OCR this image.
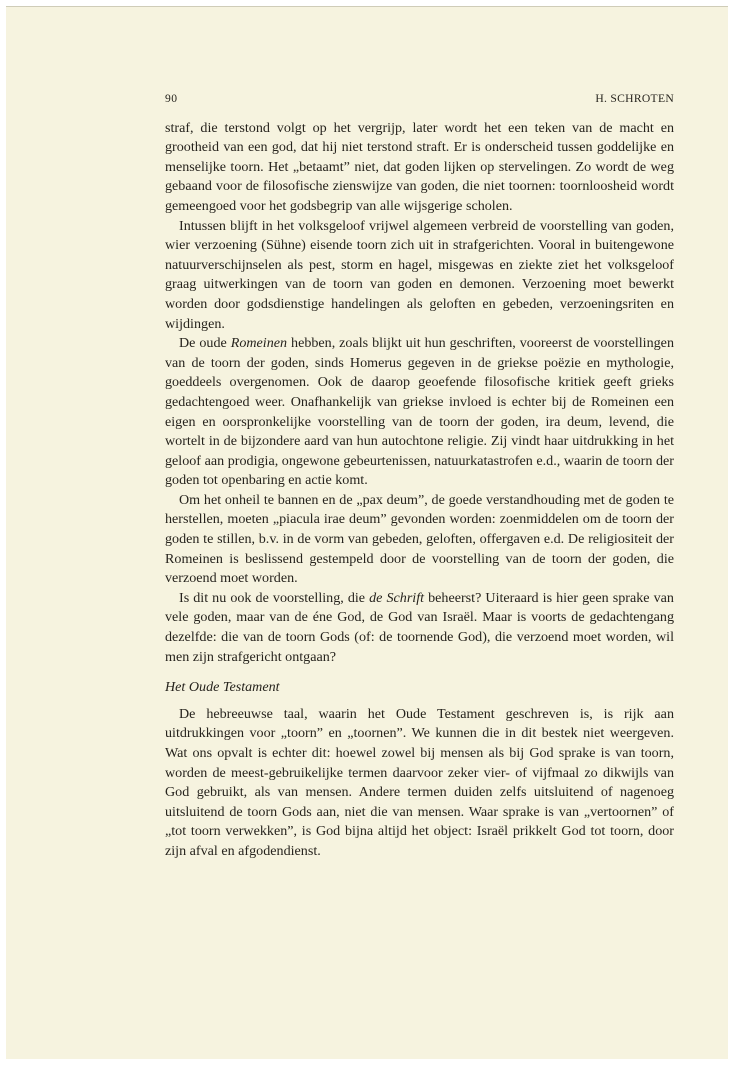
90	H. SCHROTEN

straf, die terstond volgt op het vergrijp, later wordt het een teken van de macht en grootheid van een god, dat hij niet terstond straft. Er is onderscheid tussen goddelijke en menselijke toorn. Het „betaamt” niet, dat goden lijken op stervelingen. Zo wordt de weg gebaand voor de filosofische zienswijze van goden, die niet toornen: toornloosheid wordt gemeengoed voor het godsbegrip van alle wijsgerige scholen.

Intussen blijft in het volksgeloof vrijwel algemeen verbreid de voorstelling van goden, wier verzoening (Sühne) eisende toorn zich uit in strafgerichten. Vooral in buitengewone natuurverschijnselen als pest, storm en hagel, misgewas en ziekte ziet het volksgeloof graag uitwerkingen van de toorn van goden en demonen. Verzoening moet bewerkt worden door godsdienstige handelingen als geloften en gebeden, verzoeningsriten en wijdingen.

De oude Romeinen hebben, zoals blijkt uit hun geschriften, vooreerst de voorstellingen van de toorn der goden, sinds Homerus gegeven in de griekse poëzie en mythologie, goeddeels overgenomen. Ook de daarop geoefende filosofische kritiek geeft grieks gedachtengoed weer. Onafhankelijk van griekse invloed is echter bij de Romeinen een eigen en oorspronkelijke voorstelling van de toorn der goden, ira deum, levend, die wortelt in de bijzondere aard van hun autochtone religie. Zij vindt haar uitdrukking in het geloof aan prodigia, ongewone gebeurtenissen, natuurkatastrofen e.d., waarin de toorn der goden tot openbaring en actie komt.

Om het onheil te bannen en de „pax deum”, de goede verstandhouding met de goden te herstellen, moeten „piacula irae deum” gevonden worden: zoenmiddelen om de toorn der goden te stillen, b.v. in de vorm van gebeden, geloften, offergaven e.d. De religiositeit der Romeinen is beslissend gestempeld door de voorstelling van de toorn der goden, die verzoend moet worden.

Is dit nu ook de voorstelling, die de Schrift beheerst? Uiteraard is hier geen sprake van vele goden, maar van de éne God, de God van Israël. Maar is voorts de gedachtengang dezelfde: die van de toorn Gods (of: de toornende God), die verzoend moet worden, wil men zijn strafgericht ontgaan?

Het Oude Testament

De hebreeuwse taal, waarin het Oude Testament geschreven is, is rijk aan uitdrukkingen voor „toorn” en „toornen”. We kunnen die in dit bestek niet weergeven. Wat ons opvalt is echter dit: hoewel zowel bij mensen als bij God sprake is van toorn, worden de meest-gebruikelijke termen daarvoor zeker vier- of vijfmaal zo dikwijls van God gebruikt, als van mensen. Andere termen duiden zelfs uitsluitend of nagenoeg uitsluitend de toorn Gods aan, niet die van mensen. Waar sprake is van „vertoornen” of „tot toorn verwekken”, is God bijna altijd het object: Israël prikkelt God tot toorn, door zijn afval en afgodendienst.
